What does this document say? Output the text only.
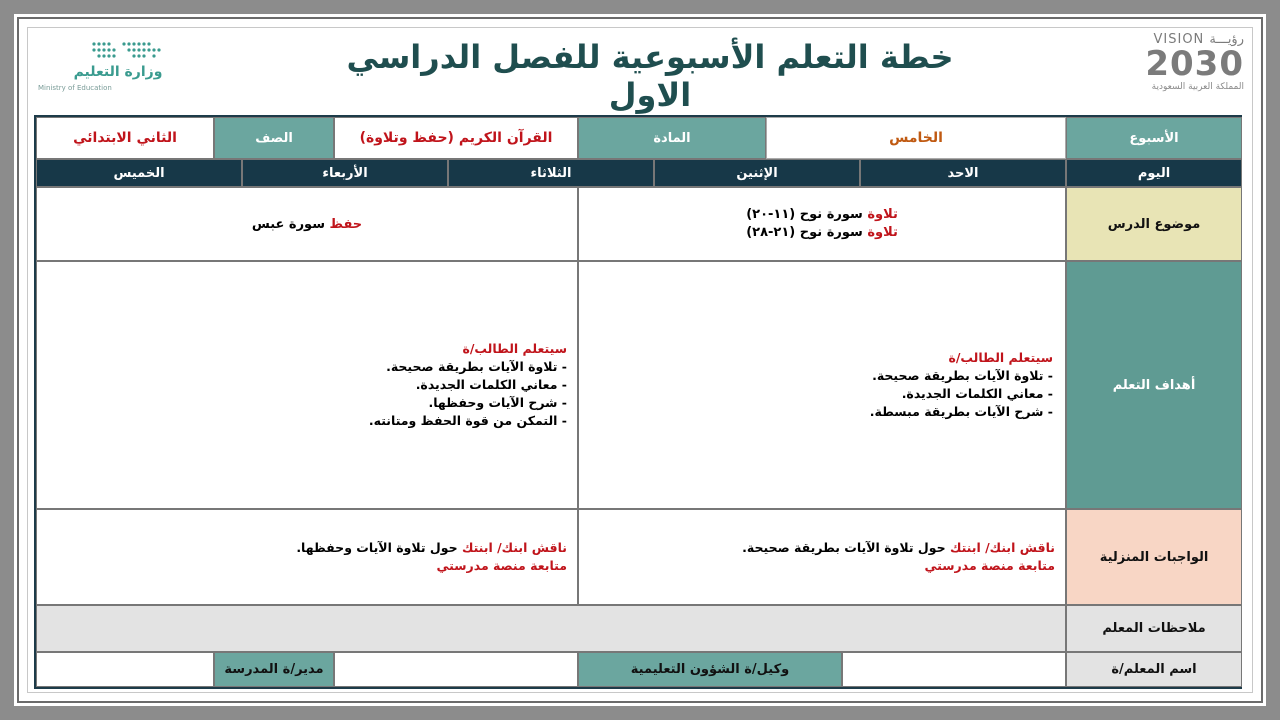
وزارة التعليم
Ministry of Education
خطة التعلم الأسبوعية للفصل الدراسي الاول
VISION رؤيـــة
2030
المملكة العربية السعودية
الأسبوع
الخامس
المادة
القرآن الكريم (حفظ وتلاوة)
الصف
الثاني الابتدائي
اليوم
الاحد
الإثنين
الثلاثاء
الأربعاء
الخميس
موضوع الدرس
تلاوة سورة نوح (١١-٢٠)
تلاوة سورة نوح (٢١-٢٨)
حفظ سورة عبس
أهداف التعلم
سيتعلم الطالب/ة
- تلاوة الآيات بطريقة صحيحة.
- معاني الكلمات الجديدة.
- شرح الآيات بطريقة مبسطة.
سيتعلم الطالب/ة
- تلاوة الآيات بطريقة صحيحة.
- معاني الكلمات الجديدة.
- شرح الآيات وحفظها.
- التمكن من قوة الحفظ ومتانته.
الواجبات المنزلية
ناقش ابنك/ ابنتك حول تلاوة الآيات بطريقة صحيحة.
متابعة منصة مدرستي
ناقش ابنك/ ابنتك حول تلاوة الآيات وحفظها.
متابعة منصة مدرستي
ملاحظات المعلم
اسم المعلم/ة
وكيل/ة الشؤون التعليمية
مدير/ة المدرسة
